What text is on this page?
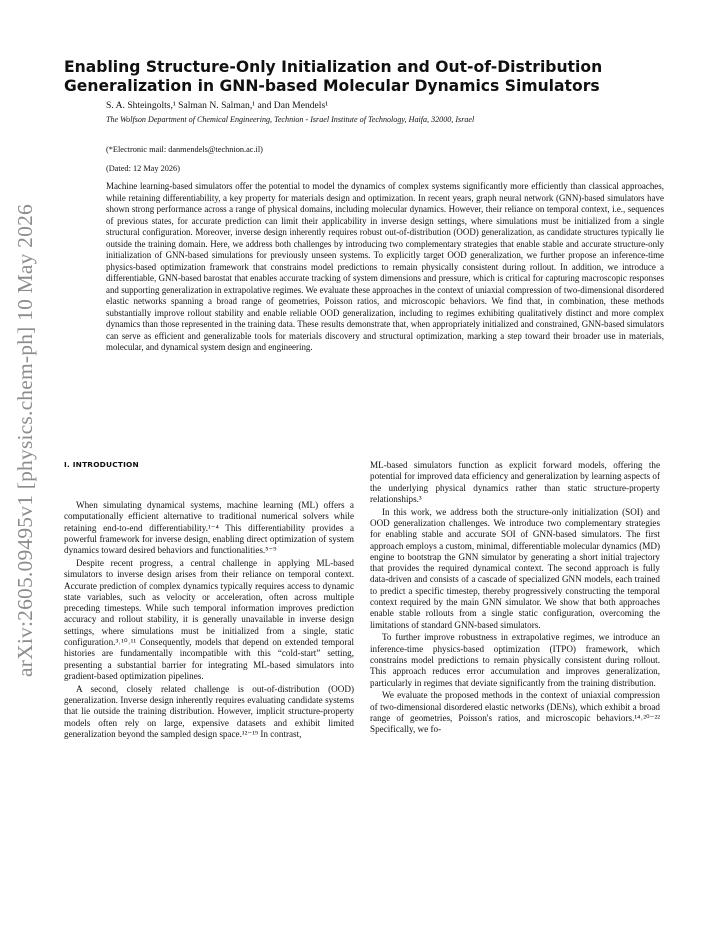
arXiv:2605.09495v1 [physics.chem-ph] 10 May 2026
Enabling Structure-Only Initialization and Out-of-Distribution Generalization in GNN-based Molecular Dynamics Simulators
S. A. Shteingolts,¹ Salman N. Salman,¹ and Dan Mendels¹
The Wolfson Department of Chemical Engineering, Technion - Israel Institute of Technology, Haifa, 32000, Israel
(*Electronic mail: danmendels@technion.ac.il)
(Dated: 12 May 2026)
Machine learning-based simulators offer the potential to model the dynamics of complex systems significantly more efficiently than classical approaches, while retaining differentiability, a key property for materials design and optimization. In recent years, graph neural network (GNN)-based simulators have shown strong performance across a range of physical domains, including molecular dynamics. However, their reliance on temporal context, i.e., sequences of previous states, for accurate prediction can limit their applicability in inverse design settings, where simulations must be initialized from a single structural configuration. Moreover, inverse design inherently requires robust out-of-distribution (OOD) generalization, as candidate structures typically lie outside the training domain. Here, we address both challenges by introducing two complementary strategies that enable stable and accurate structure-only initialization of GNN-based simulations for previously unseen systems. To explicitly target OOD generalization, we further propose an inference-time physics-based optimization framework that constrains model predictions to remain physically consistent during rollout. In addition, we introduce a differentiable, GNN-based barostat that enables accurate tracking of system dimensions and pressure, which is critical for capturing macroscopic responses and supporting generalization in extrapolative regimes. We evaluate these approaches in the context of uniaxial compression of two-dimensional disordered elastic networks spanning a broad range of geometries, Poisson ratios, and microscopic behaviors. We find that, in combination, these methods substantially improve rollout stability and enable reliable OOD generalization, including to regimes exhibiting qualitatively distinct and more complex dynamics than those represented in the training data. These results demonstrate that, when appropriately initialized and constrained, GNN-based simulators can serve as efficient and generalizable tools for materials discovery and structural optimization, marking a step toward their broader use in materials, molecular, and dynamical system design and engineering.
I. INTRODUCTION

When simulating dynamical systems, machine learning (ML) offers a computationally efficient alternative to traditional numerical solvers while retaining end-to-end differentiability.¹⁻⁴ This differentiability provides a powerful framework for inverse design, enabling direct optimization of system dynamics toward desired behaviors and functionalities.⁵⁻⁹

Despite recent progress, a central challenge in applying ML-based simulators to inverse design arises from their reliance on temporal context. Accurate prediction of complex dynamics typically requires access to dynamic state variables, such as velocity or acceleration, often across multiple preceding timesteps. While such temporal information improves prediction accuracy and rollout stability, it is generally unavailable in inverse design settings, where simulations must be initialized from a single, static configuration.³˒¹⁰˒¹¹ Consequently, models that depend on extended temporal histories are fundamentally incompatible with this “cold-start” setting, presenting a substantial barrier for integrating ML-based simulators into gradient-based optimization pipelines.

A second, closely related challenge is out-of-distribution (OOD) generalization. Inverse design inherently requires evaluating candidate systems that lie outside the training distribution. However, implicit structure-property models often rely on large, expensive datasets and exhibit limited generalization beyond the sampled design space.¹²⁻¹⁹ In contrast,

ML-based simulators function as explicit forward models, offering the potential for improved data efficiency and generalization by learning aspects of the underlying physical dynamics rather than static structure-property relationships.³

In this work, we address both the structure-only initialization (SOI) and OOD generalization challenges. We introduce two complementary strategies for enabling stable and accurate SOI of GNN-based simulators. The first approach employs a custom, minimal, differentiable molecular dynamics (MD) engine to bootstrap the GNN simulator by generating a short initial trajectory that provides the required dynamical context. The second approach is fully data-driven and consists of a cascade of specialized GNN models, each trained to predict a specific timestep, thereby progressively constructing the temporal context required by the main GNN simulator. We show that both approaches enable stable rollouts from a single static configuration, overcoming the limitations of standard GNN-based simulators.

To further improve robustness in extrapolative regimes, we introduce an inference-time physics-based optimization (ITPO) framework, which constrains model predictions to remain physically consistent during rollout. This approach reduces error accumulation and improves generalization, particularly in regimes that deviate significantly from the training distribution.

We evaluate the proposed methods in the context of uniaxial compression of two-dimensional disordered elastic networks (DENs), which exhibit a broad range of geometries, Poisson's ratios, and microscopic behaviors.¹⁴˒²⁰⁻²² Specifically, we fo-
